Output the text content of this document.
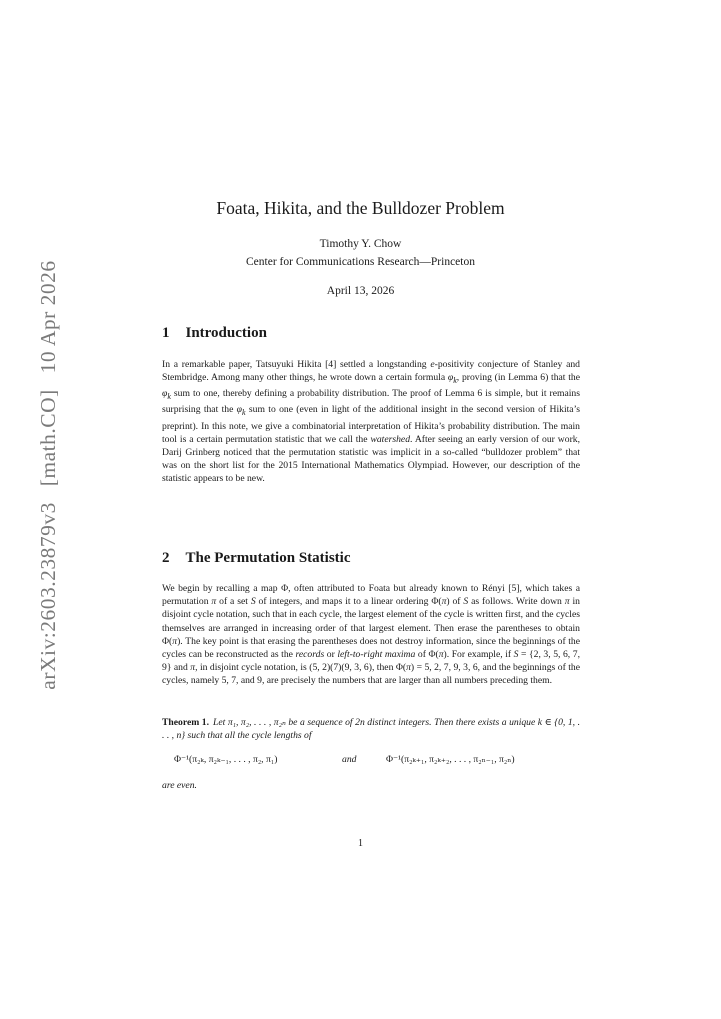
arXiv:2603.23879v3 [math.CO] 10 Apr 2026
Foata, Hikita, and the Bulldozer Problem
Timothy Y. Chow
Center for Communications Research—Princeton
April 13, 2026
1 Introduction

In a remarkable paper, Tatsuyuki Hikita [4] settled a longstanding e-positivity conjecture of Stanley and Stembridge. Among many other things, he wrote down a certain formula $\varphi_k$, proving (in Lemma 6) that the $\varphi_k$ sum to one, thereby defining a probability distribution. The proof of Lemma 6 is simple, but it remains surprising that the $\varphi_k$ sum to one (even in light of the additional insight in the second version of Hikita’s preprint). In this note, we give a combinatorial interpretation of Hikita’s probability distribution. The main tool is a certain permutation statistic that we call the watershed. After seeing an early version of our work, Darij Grinberg noticed that the permutation statistic was implicit in a so-called “bulldozer problem” that was on the short list for the 2015 International Mathematics Olympiad. However, our description of the statistic appears to be new.

2 The Permutation Statistic

We begin by recalling a map Φ, often attributed to Foata but already known to Rényi [5], which takes a permutation π of a set S of integers, and maps it to a linear ordering Φ(π) of S as follows. Write down π in disjoint cycle notation, such that in each cycle, the largest element of the cycle is written first, and the cycles themselves are arranged in increasing order of that largest element. Then erase the parentheses to obtain Φ(π). The key point is that erasing the parentheses does not destroy information, since the beginnings of the cycles can be reconstructed as the records or left-to-right maxima of Φ(π). For example, if S = {2, 3, 5, 6, 7, 9} and π, in disjoint cycle notation, is (5, 2)(7)(9, 3, 6), then Φ(π) = 5, 2, 7, 9, 3, 6, and the beginnings of the cycles, namely 5, 7, and 9, are precisely the numbers that are larger than all numbers preceding them.

Theorem 1. Let π₁, π₂, . . . , π₂ₙ be a sequence of 2n distinct integers. Then there exists a unique k ∈ {0, 1, . . . , n} such that all the cycle lengths of
Φ⁻¹(π₂ₖ, π₂ₖ₋₁, . . . , π₂, π₁)	and	Φ⁻¹(π₂ₖ₊₁, π₂ₖ₊₂, . . . , π₂ₙ₋₁, π₂ₙ)
are even.
1
